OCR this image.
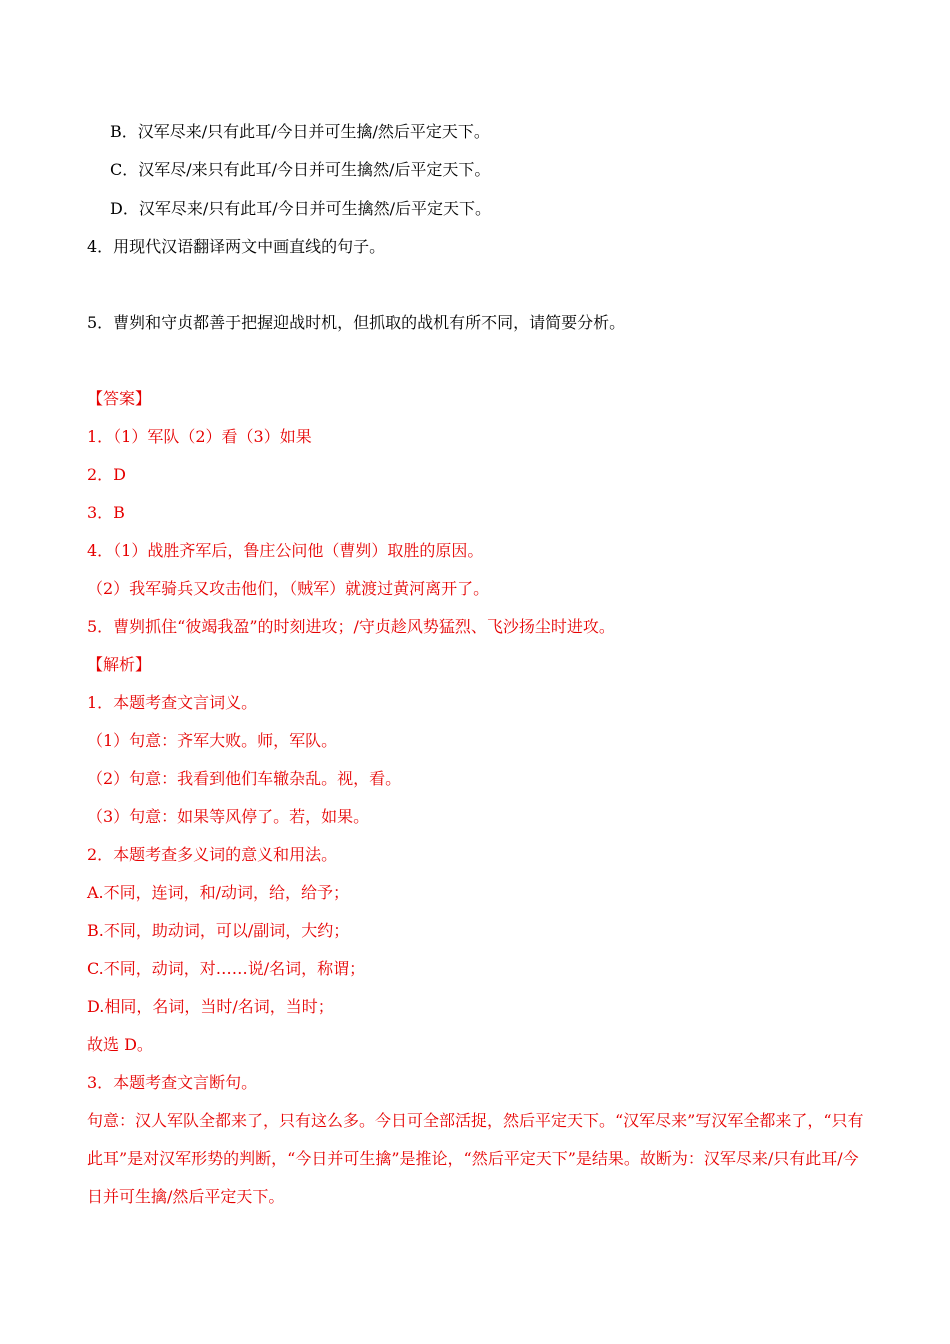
B．汉军尽来/只有此耳/今日并可生擒/然后平定天下。
C．汉军尽/来只有此耳/今日并可生擒然/后平定天下。
D．汉军尽来/只有此耳/今日并可生擒然/后平定天下。
4．用现代汉语翻译两文中画直线的句子。
5．曹刿和守贞都善于把握迎战时机，但抓取的战机有所不同，请简要分析。
【答案】
1．（1）军队（2）看（3）如果
2．D
3．B
4．（1）战胜齐军后，鲁庄公问他（曹刿）取胜的原因。
（2）我军骑兵又攻击他们，（贼军）就渡过黄河离开了。
5．曹刿抓住“彼竭我盈”的时刻进攻；/守贞趁风势猛烈、飞沙扬尘时进攻。
【解析】
1．本题考查文言词义。
（1）句意：齐军大败。师，军队。
（2）句意：我看到他们车辙杂乱。视，看。
（3）句意：如果等风停了。若，如果。
2．本题考查多义词的意义和用法。
A.不同，连词，和/动词，给，给予；
B.不同，助动词，可以/副词，大约；
C.不同，动词，对……说/名词，称谓；
D.相同，名词，当时/名词，当时；
故选 D。
3．本题考查文言断句。
句意：汉人军队全都来了，只有这么多。今日可全部活捉，然后平定天下。“汉军尽来”写汉军全都来了，“只有此耳”是对汉军形势的判断，“今日并可生擒”是推论，“然后平定天下”是结果。故断为：汉军尽来/只有此耳/今日并可生擒/然后平定天下。
